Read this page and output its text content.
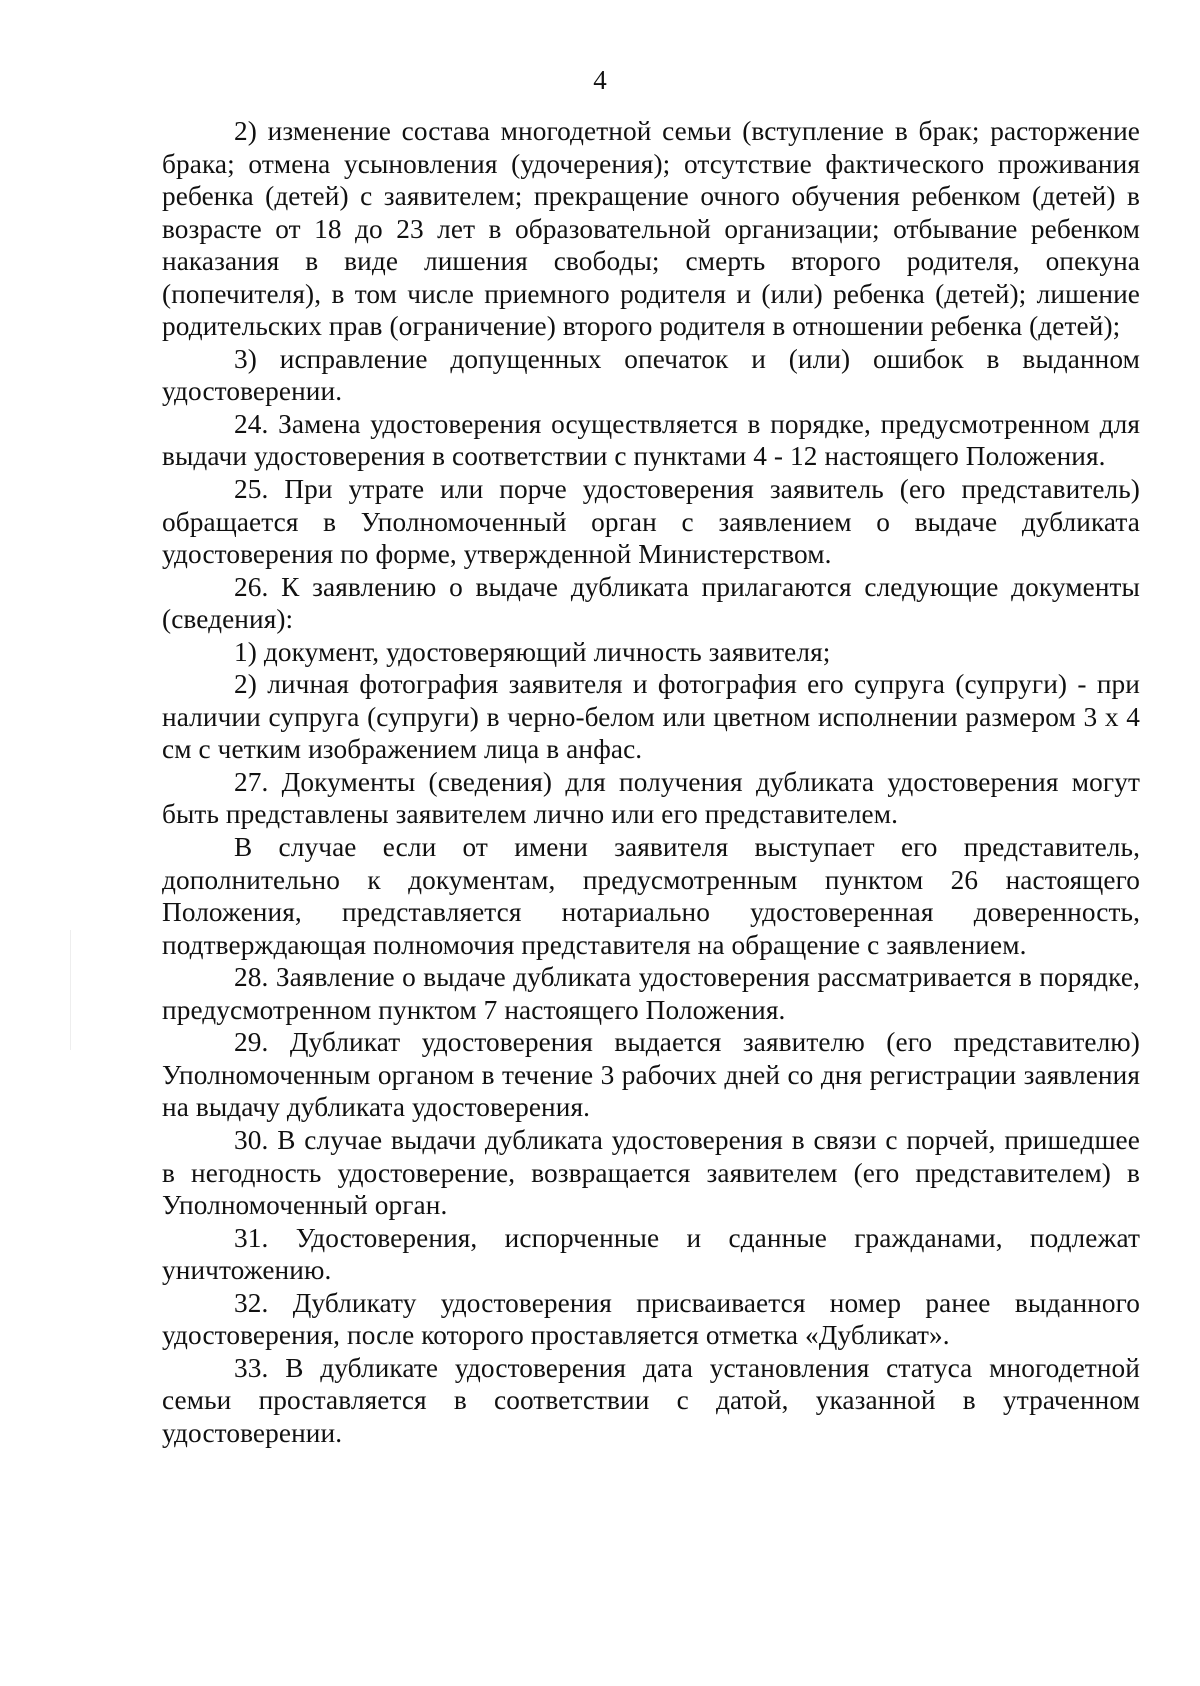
4

2) изменение состава многодетной семьи (вступление в брак; расторжение брака; отмена усыновления (удочерения); отсутствие фактического проживания ребенка (детей) с заявителем; прекращение очного обучения ребенком (детей) в возрасте от 18 до 23 лет в образовательной организации; отбывание ребенком наказания в виде лишения свободы; смерть второго родителя, опекуна (попечителя), в том числе приемного родителя и (или) ребенка (детей); лишение родительских прав (ограничение) второго родителя в отношении ребенка (детей);

3) исправление допущенных опечаток и (или) ошибок в выданном удостоверении.

24. Замена удостоверения осуществляется в порядке, предусмотренном для выдачи удостоверения в соответствии с пунктами 4 - 12 настоящего Положения.

25. При утрате или порче удостоверения заявитель (его представитель) обращается в Уполномоченный орган с заявлением о выдаче дубликата удостоверения по форме, утвержденной Министерством.

26. К заявлению о выдаче дубликата прилагаются следующие документы (сведения):

1) документ, удостоверяющий личность заявителя;

2) личная фотография заявителя и фотография его супруга (супруги) - при наличии супруга (супруги) в черно-белом или цветном исполнении размером 3 x 4 см с четким изображением лица в анфас.

27. Документы (сведения) для получения дубликата удостоверения могут быть представлены заявителем лично или его представителем.

В случае если от имени заявителя выступает его представитель, дополнительно к документам, предусмотренным пунктом 26 настоящего Положения, представляется нотариально удостоверенная доверенность, подтверждающая полномочия представителя на обращение с заявлением.

28. Заявление о выдаче дубликата удостоверения рассматривается в порядке, предусмотренном пунктом 7 настоящего Положения.

29. Дубликат удостоверения выдается заявителю (его представителю) Уполномоченным органом в течение 3 рабочих дней со дня регистрации заявления на выдачу дубликата удостоверения.

30. В случае выдачи дубликата удостоверения в связи с порчей, пришедшее в негодность удостоверение, возвращается заявителем (его представителем) в Уполномоченный орган.

31. Удостоверения, испорченные и сданные гражданами, подлежат уничтожению.

32. Дубликату удостоверения присваивается номер ранее выданного удостоверения, после которого проставляется отметка «Дубликат».

33. В дубликате удостоверения дата установления статуса многодетной семьи проставляется в соответствии с датой, указанной в утраченном удостоверении.
